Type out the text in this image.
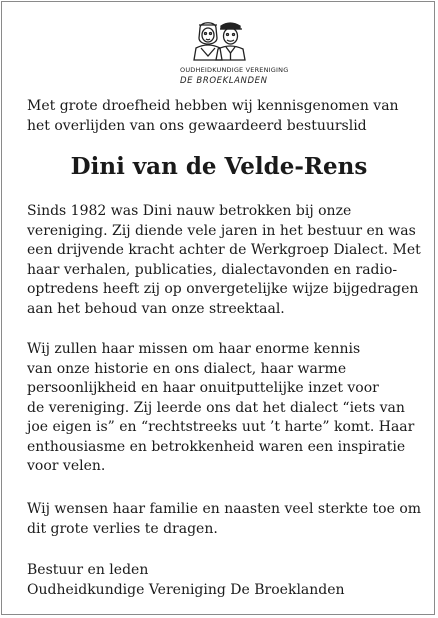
OUDHEIDKUNDIGE VERENIGING
DE BROEKLANDEN
Met grote droefheid hebben wij kennisgenomen van
het overlijden van ons gewaardeerd bestuurslid
Dini van de Velde-Rens
Sinds 1982 was Dini nauw betrokken bij onze
vereniging. Zij diende vele jaren in het bestuur en was
een drijvende kracht achter de Werkgroep Dialect. Met
haar verhalen, publicaties, dialectavonden en radio-
optredens heeft zij op onvergetelijke wijze bijgedragen
aan het behoud van onze streektaal.
Wij zullen haar missen om haar enorme kennis
van onze historie en ons dialect, haar warme
persoonlijkheid en haar onuitputtelijke inzet voor
de vereniging. Zij leerde ons dat het dialect “iets van
joe eigen is” en “rechtstreeks uut ’t harte” komt. Haar
enthousiasme en betrokkenheid waren een inspiratie
voor velen.
Wij wensen haar familie en naasten veel sterkte toe om
dit grote verlies te dragen.
Bestuur en leden
Oudheidkundige Vereniging De Broeklanden
